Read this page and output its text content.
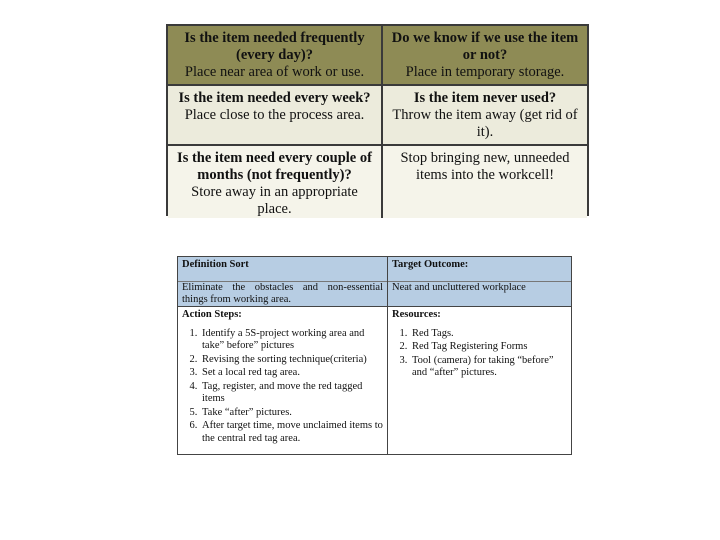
Is the item needed frequently (every day)?
Place near area of work or use.
Do we know if we use the item or not?
Place in temporary storage.
Is the item needed every week?
Place close to the process area.
Is the item never used?
Throw the item away (get rid of it).
Is the item need every couple of months (not frequently)?
Store away in an appropriate place.
Stop bringing new, unneeded items into the workcell!
Definition Sort
Eliminate the obstacles and non-essential things from working area.
Target Outcome:
Neat and uncluttered workplace
Action Steps:
1. Identify a 5S-project working area and take” before” pictures
2. Revising the sorting technique(criteria)
3. Set a local red tag area.
4. Tag, register, and move the red tagged items
5. Take “after” pictures.
6. After target time, move unclaimed items to the central red tag area.
Resources:
1. Red Tags.
2. Red Tag Registering Forms
3. Tool (camera) for taking “before” and “after” pictures.
